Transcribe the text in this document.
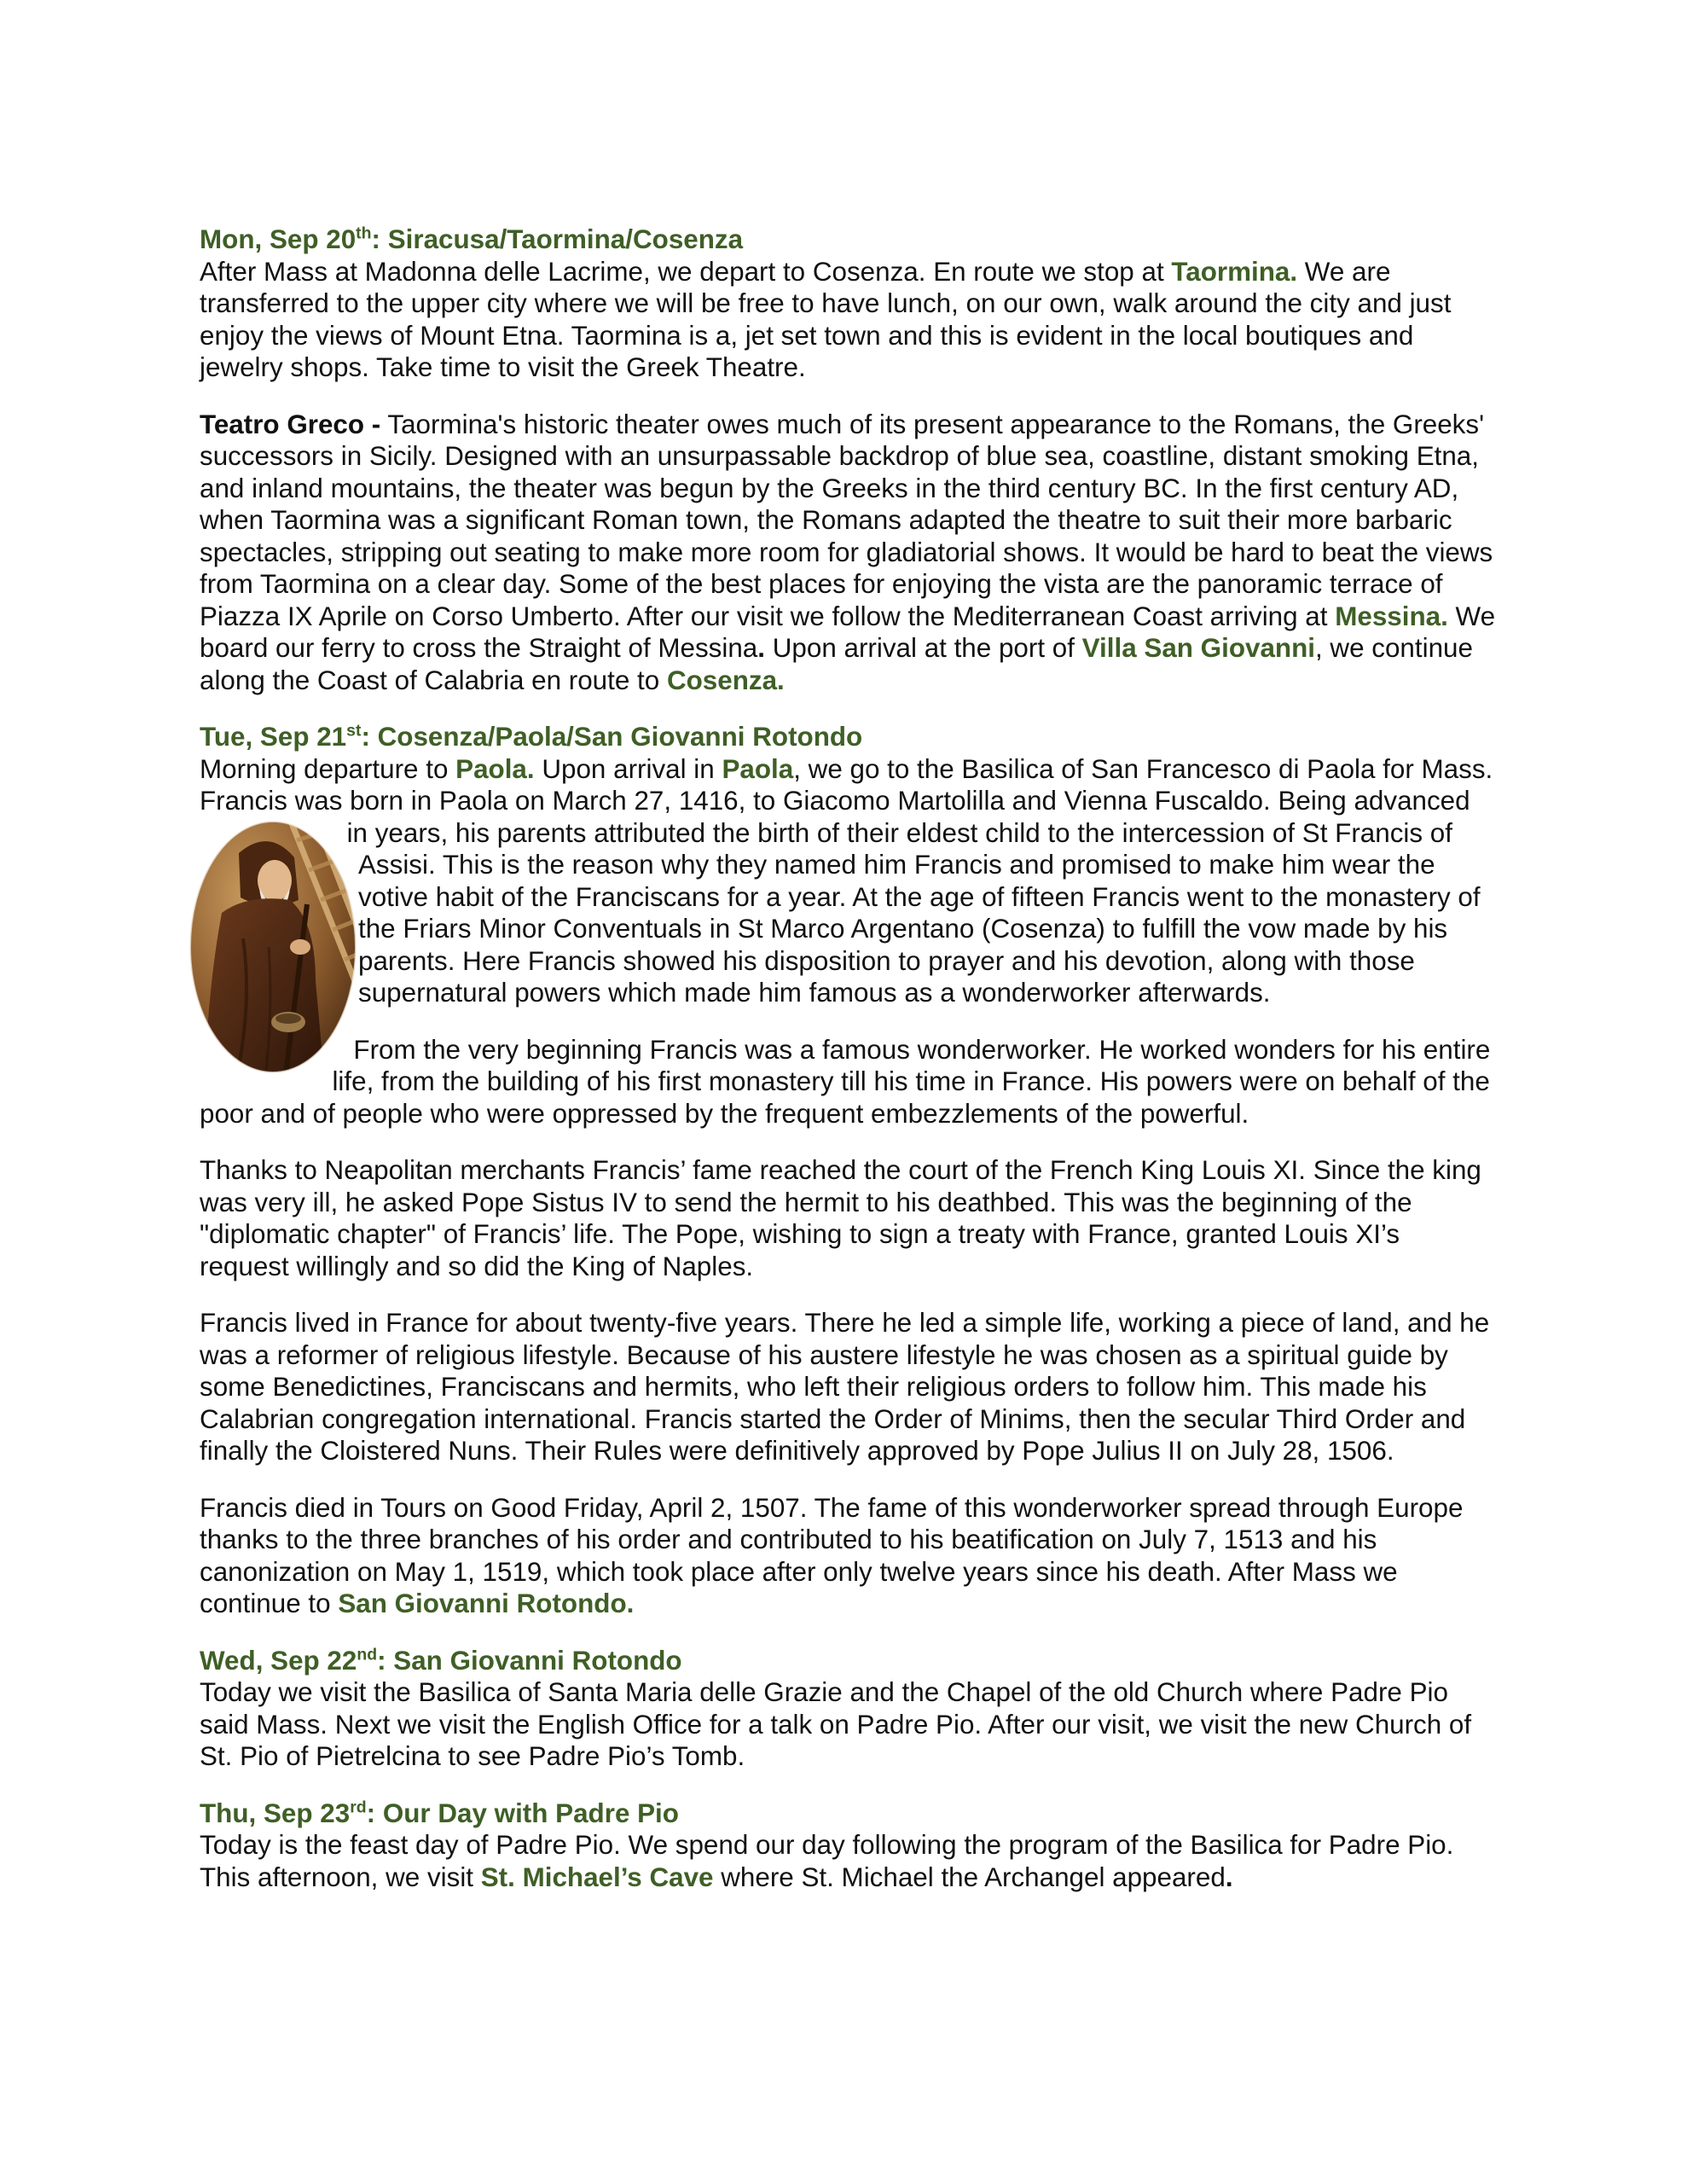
Mon, Sep 20th: Siracusa/Taormina/Cosenza

After Mass at Madonna delle Lacrime, we depart to Cosenza. En route we stop at Taormina. We are transferred to the upper city where we will be free to have lunch, on our own, walk around the city and just enjoy the views of Mount Etna. Taormina is a, jet set town and this is evident in the local boutiques and jewelry shops. Take time to visit the Greek Theatre.

Teatro Greco - Taormina's historic theater owes much of its present appearance to the Romans, the Greeks' successors in Sicily. Designed with an unsurpassable backdrop of blue sea, coastline, distant smoking Etna, and inland mountains, the theater was begun by the Greeks in the third century BC. In the first century AD, when Taormina was a significant Roman town, the Romans adapted the theatre to suit their more barbaric spectacles, stripping out seating to make more room for gladiatorial shows. It would be hard to beat the views from Taormina on a clear day. Some of the best places for enjoying the vista are the panoramic terrace of Piazza IX Aprile on Corso Umberto. After our visit we follow the Mediterranean Coast arriving at Messina. We board our ferry to cross the Straight of Messina. Upon arrival at the port of Villa San Giovanni, we continue along the Coast of Calabria en route to Cosenza.

Tue, Sep 21st: Cosenza/Paola/San Giovanni Rotondo

Morning departure to Paola. Upon arrival in Paola, we go to the Basilica of San Francesco di Paola for Mass. Francis was born in Paola on March 27, 1416, to Giacomo Martolilla and Vienna Fuscaldo. Being
advanced in years, his parents attributed the birth of their eldest child to the intercession of St Francis of Assisi. This is the reason why they named him Francis and promised to make him wear the votive habit of the Franciscans for a year. At the age of fifteen Francis went to the monastery of the Friars Minor Conventuals in St Marco Argentano (Cosenza) to fulfill the vow made by his parents. Here Francis showed his disposition to prayer and his devotion, along with those supernatural powers which made him famous as a wonderworker afterwards.

From the very beginning Francis was a famous wonderworker. He worked wonders for his entire life, from the building of his first monastery till his time in France. His powers were on behalf of the poor and of people who were oppressed by the frequent embezzlements of the powerful.

Thanks to Neapolitan merchants Francis’ fame reached the court of the French King Louis XI. Since the king was very ill, he asked Pope Sistus IV to send the hermit to his deathbed. This was the beginning of the "diplomatic chapter" of Francis’ life. The Pope, wishing to sign a treaty with France, granted Louis XI’s request willingly and so did the King of Naples.

Francis lived in France for about twenty-five years. There he led a simple life, working a piece of land, and he was a reformer of religious lifestyle. Because of his austere lifestyle he was chosen as a spiritual guide by some Benedictines, Franciscans and hermits, who left their religious orders to follow him. This made his Calabrian congregation international. Francis started the Order of Minims, then the secular Third Order and finally the Cloistered Nuns. Their Rules were definitively approved by Pope Julius II on July 28, 1506.

Francis died in Tours on Good Friday, April 2, 1507. The fame of this wonderworker spread through Europe thanks to the three branches of his order and contributed to his beatification on July 7, 1513 and his canonization on May 1, 1519, which took place after only twelve years since his death. After Mass we continue to San Giovanni Rotondo.

Wed, Sep 22nd: San Giovanni Rotondo

Today we visit the Basilica of Santa Maria delle Grazie and the Chapel of the old Church where Padre Pio said Mass. Next we visit the English Office for a talk on Padre Pio. After our visit, we visit the new Church of St. Pio of Pietrelcina to see Padre Pio’s Tomb.

Thu, Sep 23rd: Our Day with Padre Pio

Today is the feast day of Padre Pio. We spend our day following the program of the Basilica for Padre Pio. This afternoon, we visit St. Michael’s Cave where St. Michael the Archangel appeared.
